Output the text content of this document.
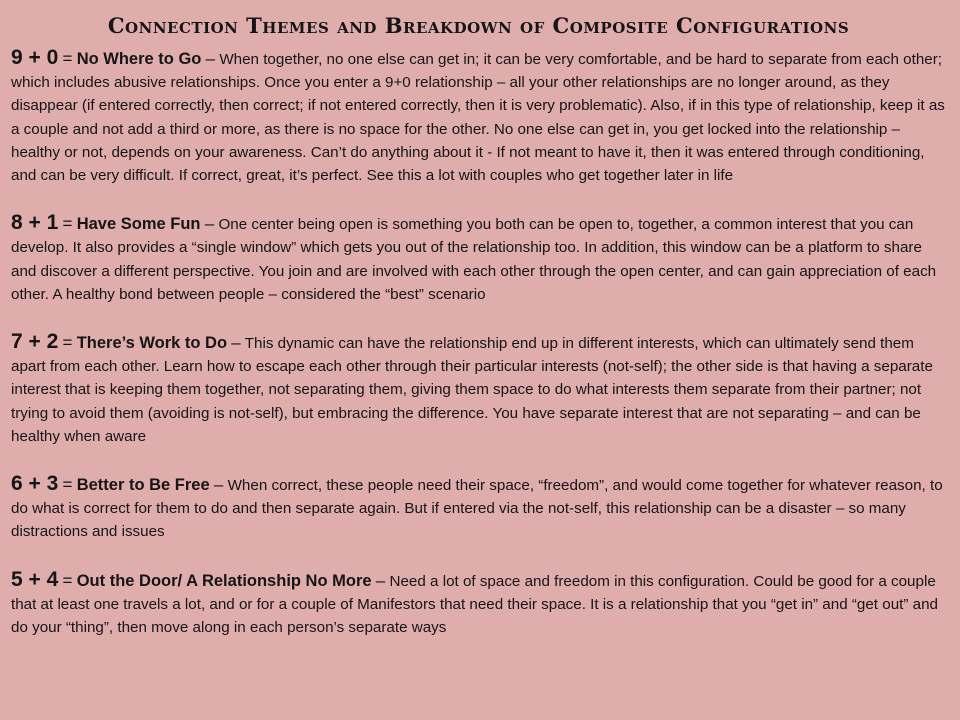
Connection Themes and Breakdown of Composite Configurations

9 + 0 = No Where to Go – When together, no one else can get in; it can be very comfortable, and be hard to separate from each other; which includes abusive relationships. Once you enter a 9+0 relationship – all your other relationships are no longer around, as they disappear (if entered correctly, then correct; if not entered correctly, then it is very problematic). Also, if in this type of relationship, keep it as a couple and not add a third or more, as there is no space for the other. No one else can get in, you get locked into the relationship – healthy or not, depends on your awareness. Can’t do anything about it - If not meant to have it, then it was entered through conditioning, and can be very difficult. If correct, great, it’s perfect. See this a lot with couples who get together later in life

8 + 1 = Have Some Fun – One center being open is something you both can be open to, together, a common interest that you can develop. It also provides a “single window” which gets you out of the relationship too. In addition, this window can be a platform to share and discover a different perspective. You join and are involved with each other through the open center, and can gain appreciation of each other. A healthy bond between people – considered the “best” scenario

7 + 2 = There’s Work to Do – This dynamic can have the relationship end up in different interests, which can ultimately send them apart from each other. Learn how to escape each other through their particular interests (not-self); the other side is that having a separate interest that is keeping them together, not separating them, giving them space to do what interests them separate from their partner; not trying to avoid them (avoiding is not-self), but embracing the difference. You have separate interest that are not separating – and can be healthy when aware

6 + 3 = Better to Be Free – When correct, these people need their space, “freedom”, and would come together for whatever reason, to do what is correct for them to do and then separate again. But if entered via the not-self, this relationship can be a disaster – so many distractions and issues

5 + 4 = Out the Door/ A Relationship No More – Need a lot of space and freedom in this configuration. Could be good for a couple that at least one travels a lot, and or for a couple of Manifestors that need their space. It is a relationship that you “get in” and “get out” and do your “thing”, then move along in each person’s separate ways
